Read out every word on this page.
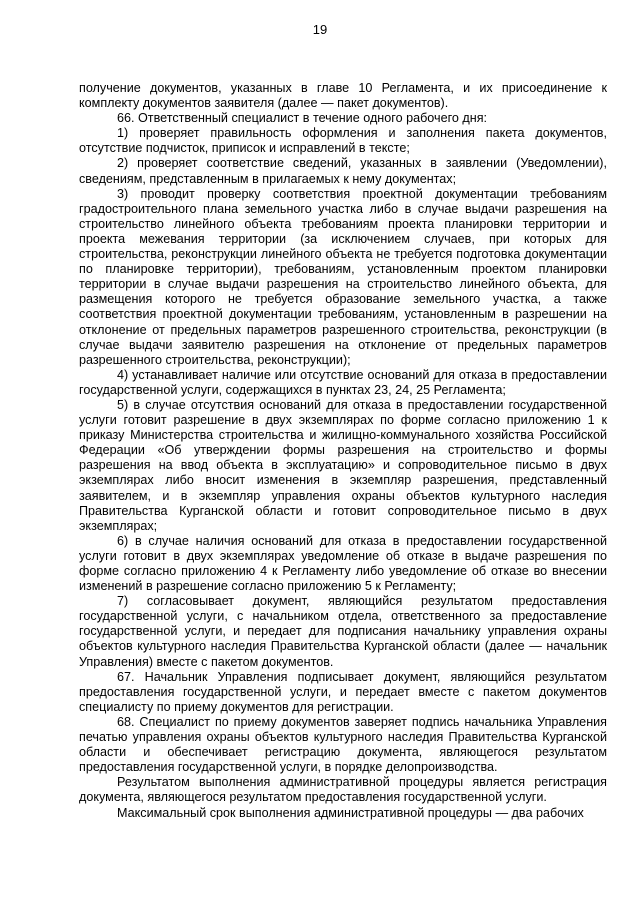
19

получение документов, указанных в главе 10 Регламента, и их присоединение к комплекту документов заявителя (далее — пакет документов).

66. Ответственный специалист в течение одного рабочего дня:

1) проверяет правильность оформления и заполнения пакета документов, отсутствие подчисток, приписок и исправлений в тексте;

2) проверяет соответствие сведений, указанных в заявлении (Уведомлении), сведениям, представленным в прилагаемых к нему документах;

3) проводит проверку соответствия проектной документации требованиям градостроительного плана земельного участка либо в случае выдачи разрешения на строительство линейного объекта требованиям проекта планировки территории и проекта межевания территории (за исключением случаев, при которых для строительства, реконструкции линейного объекта не требуется подготовка документации по планировке территории), требованиям, установленным проектом планировки территории в случае выдачи разрешения на строительство линейного объекта, для размещения которого не требуется образование земельного участка, а также соответствия проектной документации требованиям, установленным в разрешении на отклонение от предельных параметров разрешенного строительства, реконструкции (в случае выдачи заявителю разрешения на отклонение от предельных параметров разрешенного строительства, реконструкции);

4) устанавливает наличие или отсутствие оснований для отказа в предоставлении государственной услуги, содержащихся в пунктах 23, 24, 25 Регламента;

5) в случае отсутствия оснований для отказа в предоставлении государственной услуги готовит разрешение в двух экземплярах по форме согласно приложению 1 к приказу Министерства строительства и жилищно-коммунального хозяйства Российской Федерации «Об утверждении формы разрешения на строительство и формы разрешения на ввод объекта в эксплуатацию» и сопроводительное письмо в двух экземплярах либо вносит изменения в экземпляр разрешения, представленный заявителем, и в экземпляр управления охраны объектов культурного наследия Правительства Курганской области и готовит сопроводительное письмо в двух экземплярах;

6) в случае наличия оснований для отказа в предоставлении государственной услуги готовит в двух экземплярах уведомление об отказе в выдаче разрешения по форме согласно приложению 4 к Регламенту либо уведомление об отказе во внесении изменений в разрешение согласно приложению 5 к Регламенту;

7) согласовывает документ, являющийся результатом предоставления государственной услуги, с начальником отдела, ответственного за предоставление государственной услуги, и передает для подписания начальнику управления охраны объектов культурного наследия Правительства Курганской области (далее — начальник Управления) вместе с пакетом документов.

67. Начальник Управления подписывает документ, являющийся результатом предоставления государственной услуги, и передает вместе с пакетом документов специалисту по приему документов для регистрации.

68. Специалист по приему документов заверяет подпись начальника Управления печатью управления охраны объектов культурного наследия Правительства Курганской области и обеспечивает регистрацию документа, являющегося результатом предоставления государственной услуги, в порядке делопроизводства.

Результатом выполнения административной процедуры является регистрация документа, являющегося результатом предоставления государственной услуги.

Максимальный срок выполнения административной процедуры — два рабочих
